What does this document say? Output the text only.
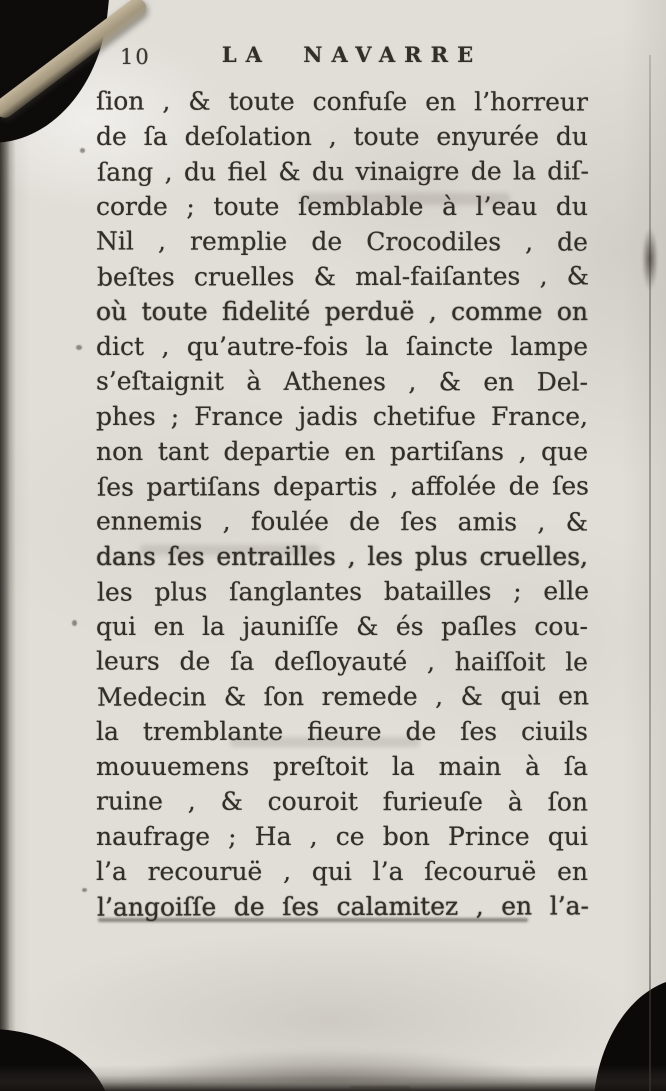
10	LA NAVARRE
ſion , & toute confuſe en l’horreur
de ſa deſolation , toute enyurée du
ſang , du fiel & du vinaigre de la diſ-
corde ; toute ſemblable à l’eau du
Nil , remplie de Crocodiles , de
beſtes cruelles & mal-faiſantes , &
où toute fidelité perduë , comme on
dict , qu’autre-fois la ſaincte lampe
s’eſtaignit à Athenes , & en Del-
phes ; France jadis chetifue France,
non tant departie en partiſans , que
ſes partiſans departis , affolée de ſes
ennemis , foulée de ſes amis , &
dans ſes entrailles , les plus cruelles,
les plus ſanglantes batailles ; elle
qui en la jauniſſe & és paſles cou-
leurs de ſa deſloyauté , haiſſoit le
Medecin & ſon remede , & qui en
la tremblante fieure de ſes ciuils
mouuemens preſtoit la main à ſa
ruine , & couroit furieuſe à ſon
naufrage ; Ha , ce bon Prince qui
l’a recouruë , qui l’a ſecouruë en
l’angoiſſe de ſes calamitez , en l’a-
